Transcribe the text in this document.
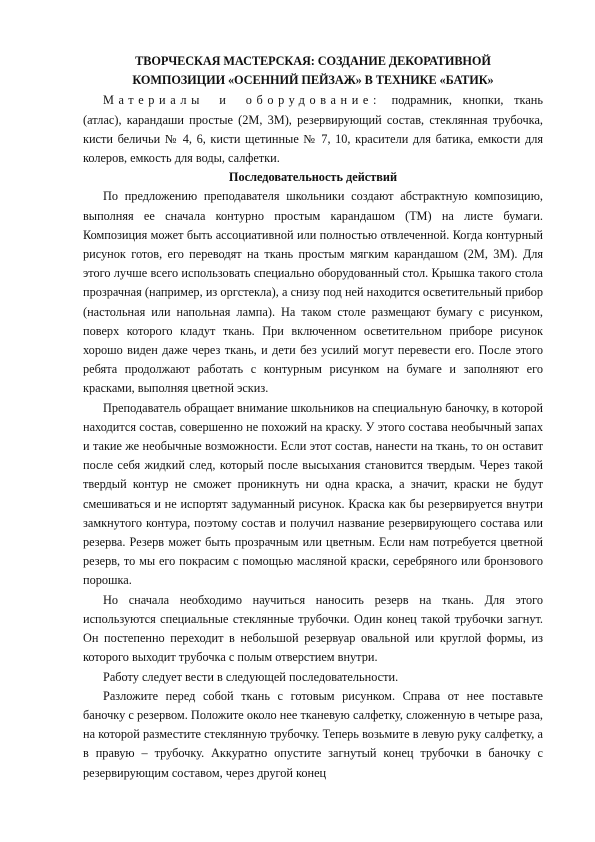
ТВОРЧЕСКАЯ МАСТЕРСКАЯ: СОЗДАНИЕ ДЕКОРАТИВНОЙ
КОМПОЗИЦИИ «ОСЕННИЙ ПЕЙЗАЖ» В ТЕХНИКЕ «БАТИК»

Материалы и оборудование: подрамник, кнопки, ткань (атлас), карандаши простые (2М, 3М), резервирующий состав, стеклянная трубочка, кисти беличьи № 4, 6, кисти щетинные № 7, 10, красители для батика, емкости для колеров, емкость для воды, салфетки.

Последовательность действий

По предложению преподавателя школьники создают абстрактную композицию, выполняя ее сначала контурно простым карандашом (ТМ) на листе бумаги. Композиция может быть ассоциативной или полностью отвлеченной. Когда контурный рисунок готов, его переводят на ткань простым мягким карандашом (2М, 3М). Для этого лучше всего использовать специально оборудованный стол. Крышка такого стола прозрачная (например, из оргстекла), а снизу под ней находится осветительный прибор (настольная или напольная лампа). На таком столе размещают бумагу с рисунком, поверх которого кладут ткань. При включенном осветительном приборе рисунок хорошо виден даже через ткань, и дети без усилий могут перевести его. После этого ребята продолжают работать с контурным рисунком на бумаге и заполняют его красками, выполняя цветной эскиз.

Преподаватель обращает внимание школьников на специальную баночку, в которой находится состав, совершенно не похожий на краску. У этого состава необычный запах и такие же необычные возможности. Если этот состав, нанести на ткань, то он оставит после себя жидкий след, который после высыхания становится твердым. Через такой твердый контур не сможет проникнуть ни одна краска, а значит, краски не будут смешиваться и не испортят задуманный рисунок. Краска как бы резервируется внутри замкнутого контура, поэтому состав и получил название резервирующего состава или резерва. Резерв может быть прозрачным или цветным. Если нам потребуется цветной резерв, то мы его покрасим с помощью масляной краски, серебряного или бронзового порошка.

Но сначала необходимо научиться наносить резерв на ткань. Для этого используются специальные стеклянные трубочки. Один конец такой трубочки загнут. Он постепенно переходит в небольшой резервуар овальной или круглой формы, из которого выходит трубочка с полым отверстием внутри.

Работу следует вести в следующей последовательности.

Разложите перед собой ткань с готовым рисунком. Справа от нее поставьте баночку с резервом. Положите около нее тканевую салфетку, сложенную в четыре раза, на которой разместите стеклянную трубочку. Теперь возьмите в левую руку салфетку, а в правую – трубочку. Аккуратно опустите загнутый конец трубочки в баночку с резервирующим составом, через другой конец
